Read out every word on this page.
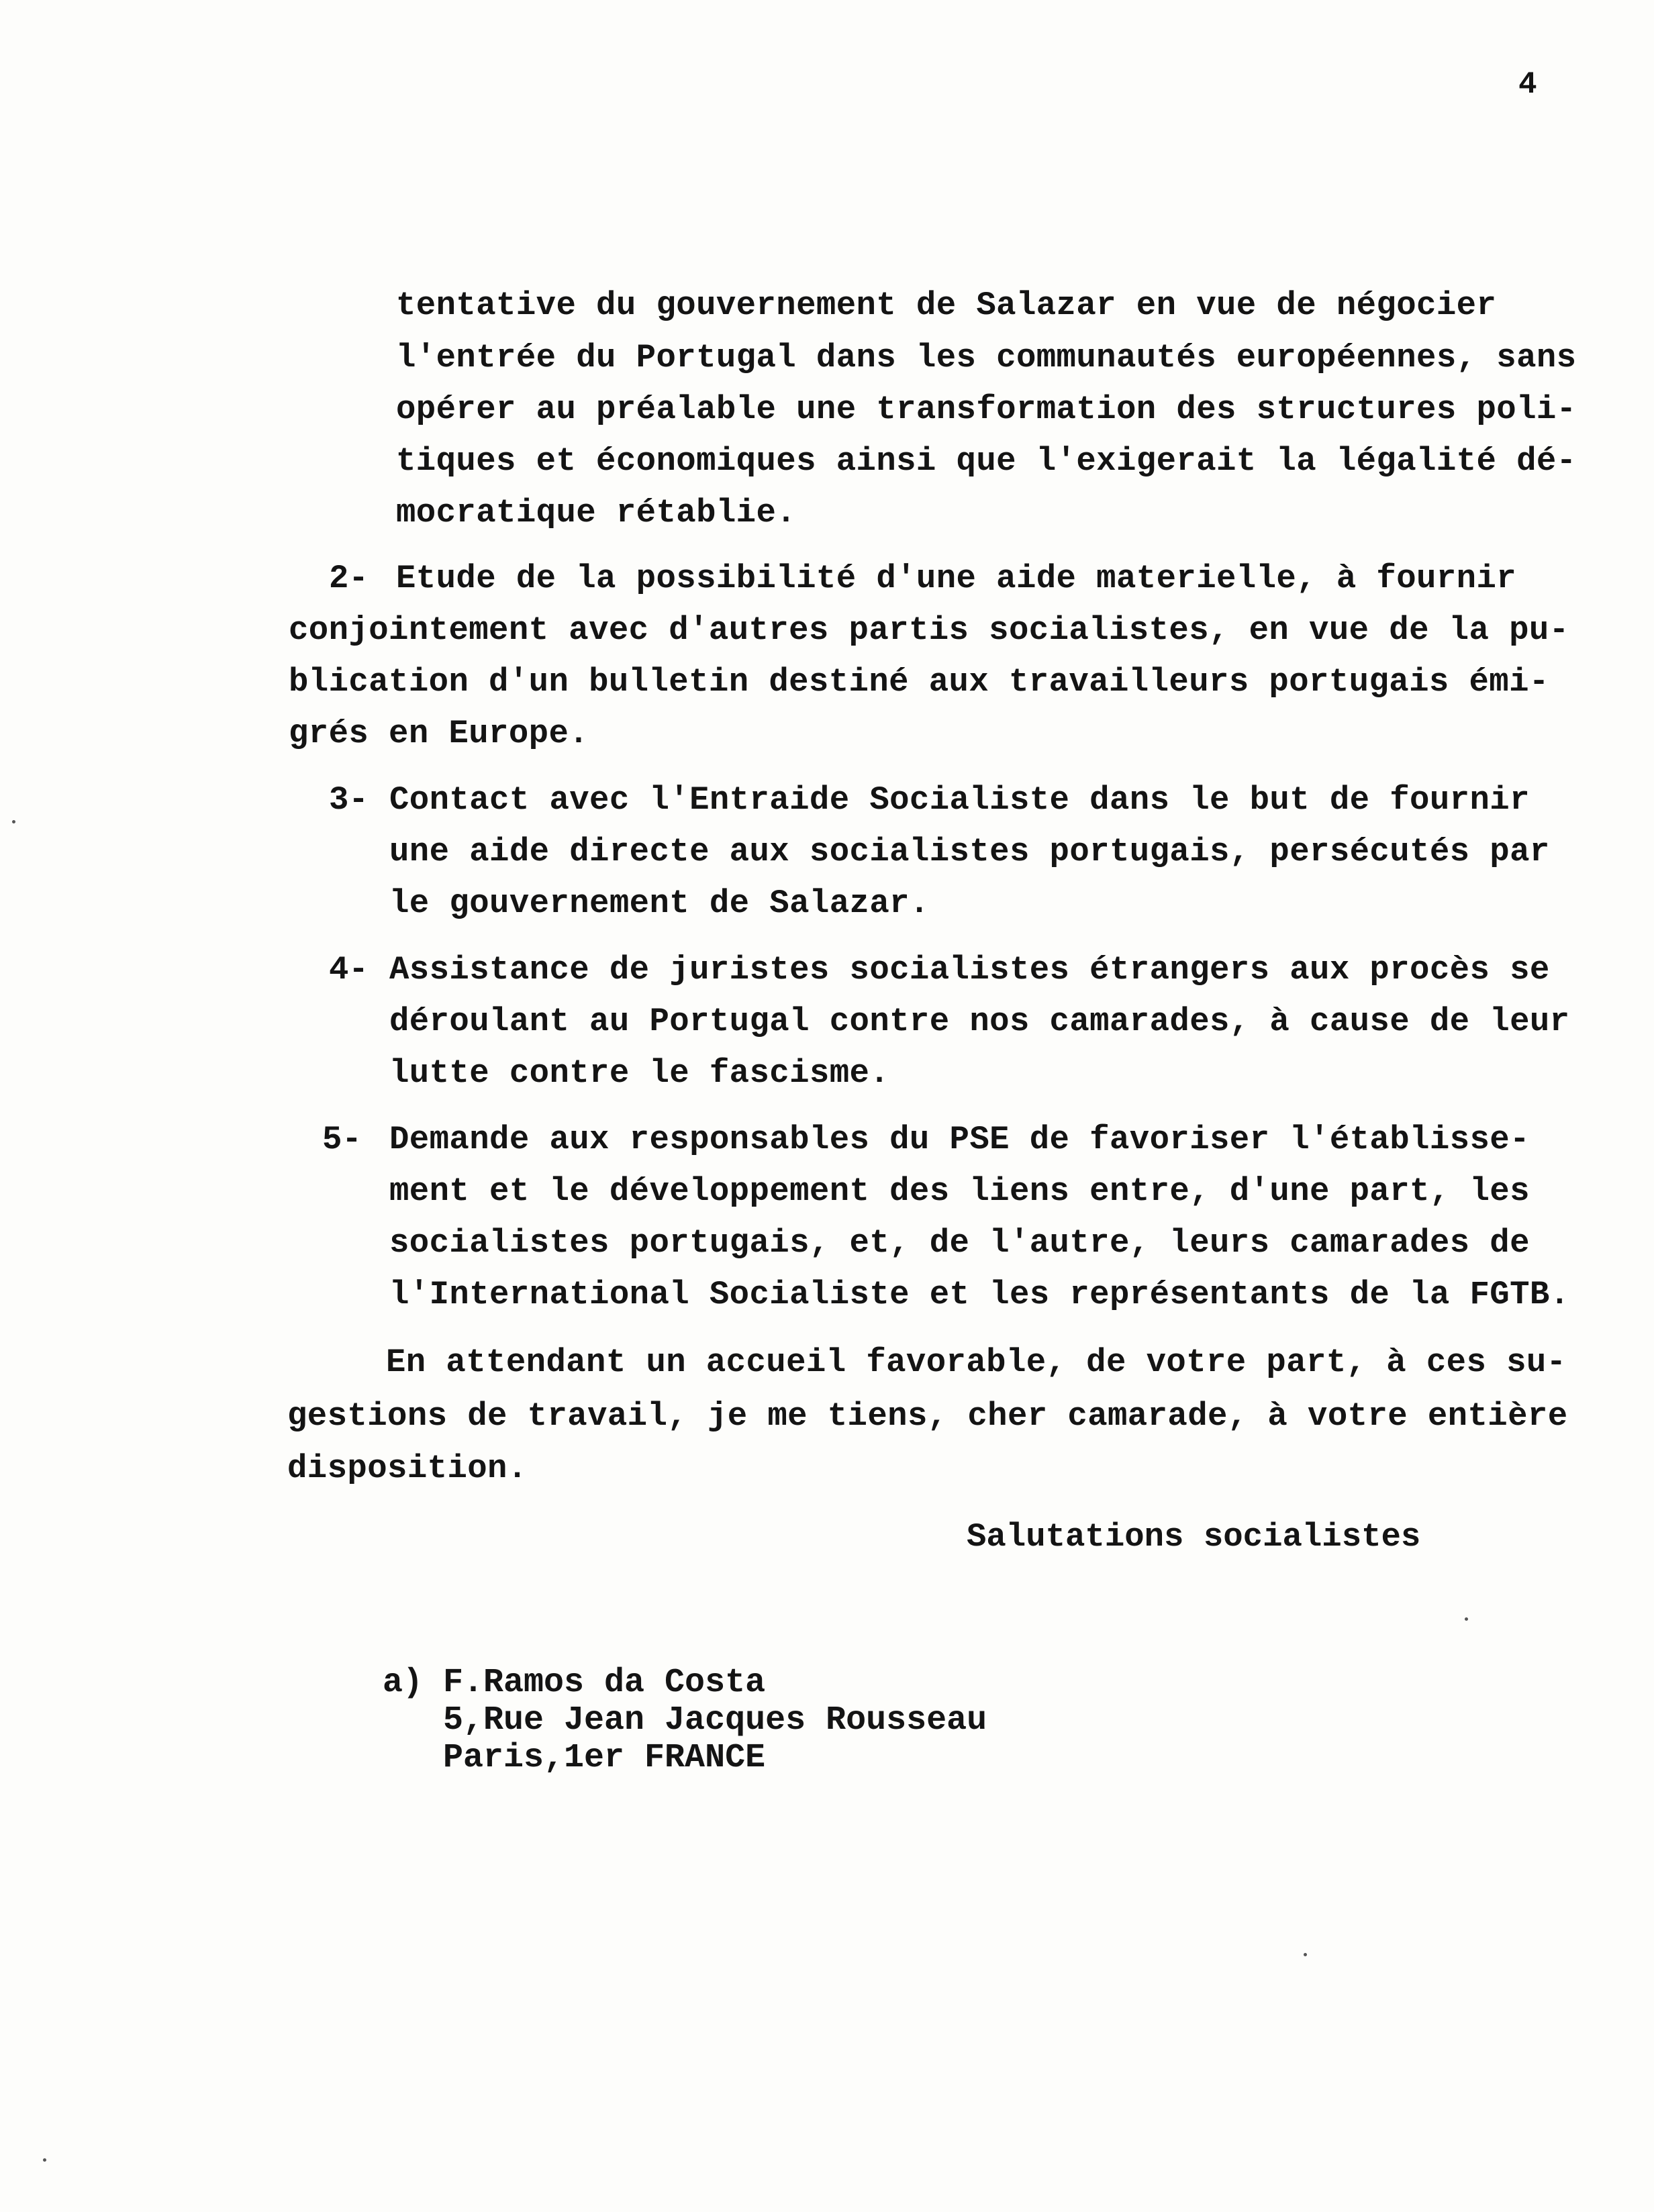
4
tentative du gouvernement de Salazar en vue de négocier
l'entrée du Portugal dans les communautés européennes, sans
opérer au préalable une transformation des structures poli-
tiques et économiques ainsi que l'exigerait la légalité dé-
mocratique rétablie.
2- Etude de la possibilité d'une aide materielle, à fournir
conjointement avec d'autres partis socialistes, en vue de la pu-
blication d'un bulletin destiné aux travailleurs portugais émi-
grés en Europe.
3- Contact avec l'Entraide Socialiste dans le but de fournir
une aide directe aux socialistes portugais, persécutés par
le gouvernement de Salazar.
4- Assistance de juristes socialistes étrangers aux procès se
déroulant au Portugal contre nos camarades, à cause de leur
lutte contre le fascisme.
5- Demande aux responsables du PSE de favoriser l'établisse-
ment et le développement des liens entre, d'une part, les
socialistes portugais, et, de l'autre, leurs camarades de
l'International Socialiste et les représentants de la FGTB.
En attendant un accueil favorable, de votre part, à ces su-
gestions de travail, je me tiens, cher camarade, à votre entière
disposition.
Salutations socialistes
a) F.Ramos da Costa
5,Rue Jean Jacques Rousseau
Paris,1er FRANCE
